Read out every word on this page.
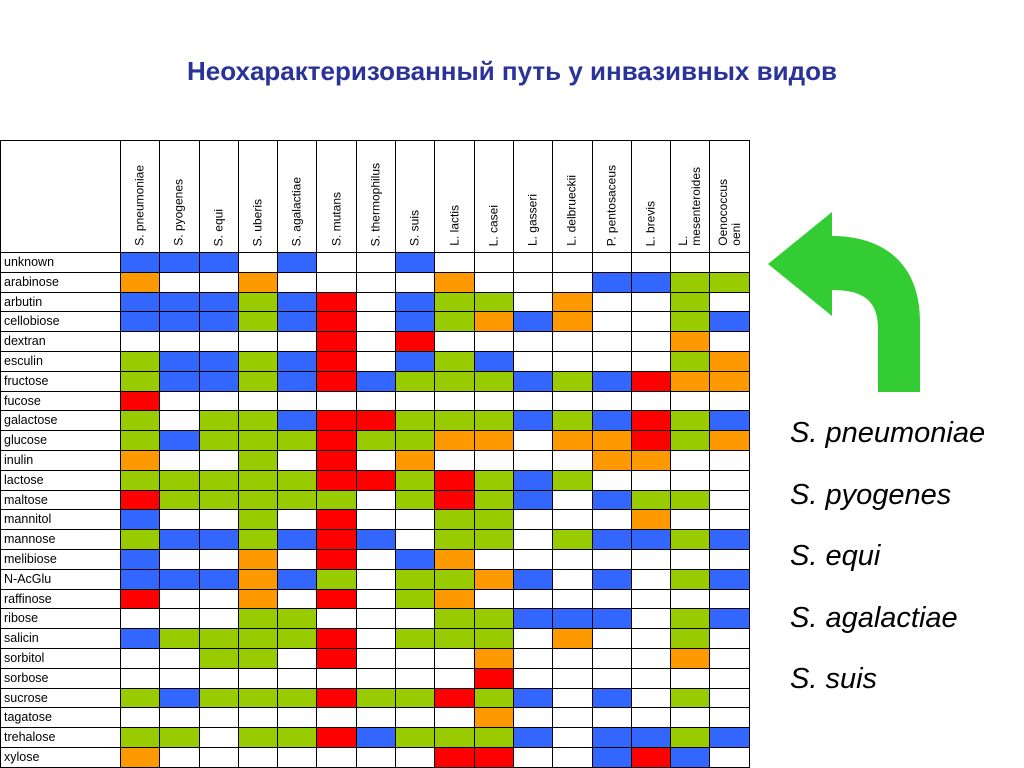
Неохарактеризованный путь у инвазивных видов
S. pneumoniae S. pyogenes S. equi S. uberis S. agalactiae S. mutans S. thermophilus S. suis L. lactis L. casei L. gasseri L. delbrueckii P. pentosaceus L. brevis L.
mesenteroides Oenococcus
oeni
unknown
arabinose
arbutin
cellobiose
dextran
esculin
fructose
fucose
galactose
glucose
inulin
lactose
maltose
mannitol
mannose
melibiose
N-AcGlu
raffinose
ribose
salicin
sorbitol
sorbose
sucrose
tagatose
trehalose
xylose
S. pneumoniae
S. pyogenes
S. equi
S. agalactiae
S. suis
